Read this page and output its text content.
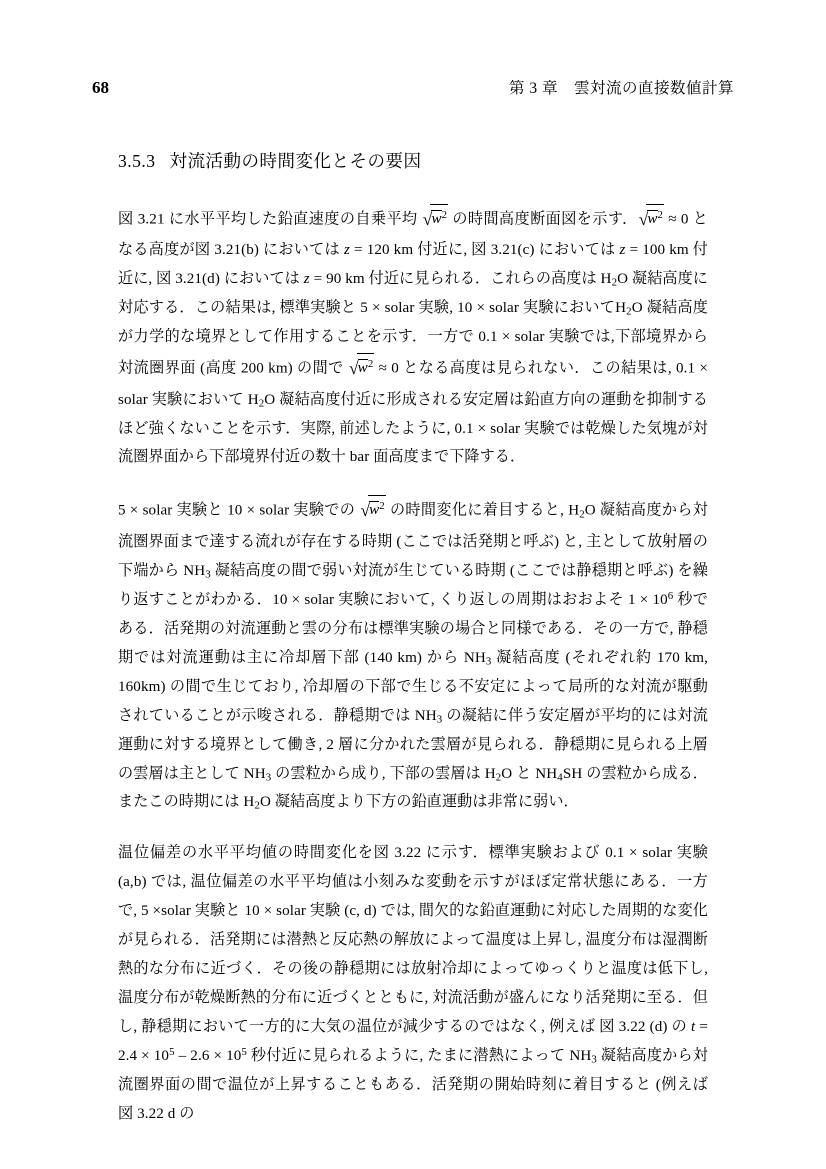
68	第 3 章　雲対流の直接数値計算
3.5.3 対流活動の時間変化とその要因

図 3.21 に水平平均した鉛直速度の自乗平均 $√w^2$ の時間高度断面図を示す．$√w^2 \approx 0$ となる高度が図 3.21(b) においては z = 120 km 付近に, 図 3.21(c) においては z = 100 km 付近に, 図 3.21(d) においては z = 90 km 付近に見られる．これらの高度は $H_2O$ 凝結高度に対応する．この結果は, 標準実験と 5 × solar 実験, 10 × solar 実験において$H_2O$ 凝結高度が力学的な境界として作用することを示す．一方で 0.1 × solar 実験では,下部境界から対流圏界面 (高度 200 km) の間で $√w^2 \approx 0$ となる高度は見られない．この結果は, 0.1 × solar 実験において $H_2O$ 凝結高度付近に形成される安定層は鉛直方向の運動を抑制するほど強くないことを示す．実際, 前述したように, 0.1 × solar 実験では乾燥した気塊が対流圏界面から下部境界付近の数十 bar 面高度まで下降する．

5 × solar 実験と 10 × solar 実験での $√w^2$ の時間変化に着目すると, $H_2O$ 凝結高度から対流圏界面まで達する流れが存在する時期 (ここでは活発期と呼ぶ) と, 主として放射層の下端から $NH_3$ 凝結高度の間で弱い対流が生じている時期 (ここでは静穏期と呼ぶ) を繰り返すことがわかる．10 × solar 実験において, くり返しの周期はおおよそ $1 \times 10^6$ 秒である．活発期の対流運動と雲の分布は標準実験の場合と同様である．その一方で, 静穏期では対流運動は主に冷却層下部 (140 km) から $NH_3$ 凝結高度 (それぞれ約 170 km, 160km) の間で生じており, 冷却層の下部で生じる不安定によって局所的な対流が駆動されていることが示唆される．静穏期では $NH_3$ の凝結に伴う安定層が平均的には対流運動に対する境界として働き, 2 層に分かれた雲層が見られる．静穏期に見られる上層の雲層は主として $NH_3$ の雲粒から成り, 下部の雲層は $H_2O$ と $NH_4SH$ の雲粒から成る．またこの時期には $H_2O$ 凝結高度より下方の鉛直運動は非常に弱い．

温位偏差の水平平均値の時間変化を図 3.22 に示す．標準実験および 0.1 × solar 実験 (a,b) では, 温位偏差の水平平均値は小刻みな変動を示すがほぼ定常状態にある．一方で, 5 ×solar 実験と 10 × solar 実験 (c, d) では, 間欠的な鉛直運動に対応した周期的な変化が見られる．活発期には潜熱と反応熱の解放によって温度は上昇し, 温度分布は湿潤断熱的な分布に近づく．その後の静穏期には放射冷却によってゆっくりと温度は低下し, 温度分布が乾燥断熱的分布に近づくとともに, 対流活動が盛んになり活発期に至る．但し, 静穏期において一方的に大気の温位が減少するのではなく, 例えば 図 3.22 (d) の $t = 2.4 \times 10^5 - 2.6 \times 10^5$ 秒付近に見られるように, たまに潜熱によって $NH_3$ 凝結高度から対流圏界面の間で温位が上昇することもある．活発期の開始時刻に着目すると (例えば 図 3.22 d の
